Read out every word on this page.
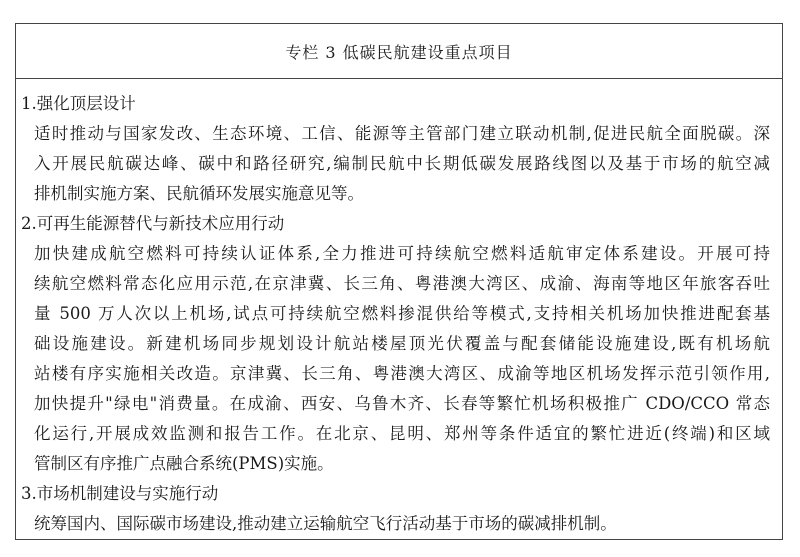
专栏 3 低碳民航建设重点项目
1.强化顶层设计
适时推动与国家发改、生态环境、工信、能源等主管部门建立联动机制,促进民航全面脱碳。深
入开展民航碳达峰、碳中和路径研究,编制民航中长期低碳发展路线图以及基于市场的航空减
排机制实施方案、民航循环发展实施意见等。
2.可再生能源替代与新技术应用行动
加快建成航空燃料可持续认证体系,全力推进可持续航空燃料适航审定体系建设。开展可持
续航空燃料常态化应用示范,在京津冀、长三角、粤港澳大湾区、成渝、海南等地区年旅客吞吐
量 500 万人次以上机场,试点可持续航空燃料掺混供给等模式,支持相关机场加快推进配套基
础设施建设。新建机场同步规划设计航站楼屋顶光伏覆盖与配套储能设施建设,既有机场航
站楼有序实施相关改造。京津冀、长三角、粤港澳大湾区、成渝等地区机场发挥示范引领作用,
加快提升"绿电"消费量。在成渝、西安、乌鲁木齐、长春等繁忙机场积极推广 CDO/CCO 常态
化运行,开展成效监测和报告工作。在北京、昆明、郑州等条件适宜的繁忙进近(终端)和区域
管制区有序推广点融合系统(PMS)实施。
3.市场机制建设与实施行动
统筹国内、国际碳市场建设,推动建立运输航空飞行活动基于市场的碳减排机制。
